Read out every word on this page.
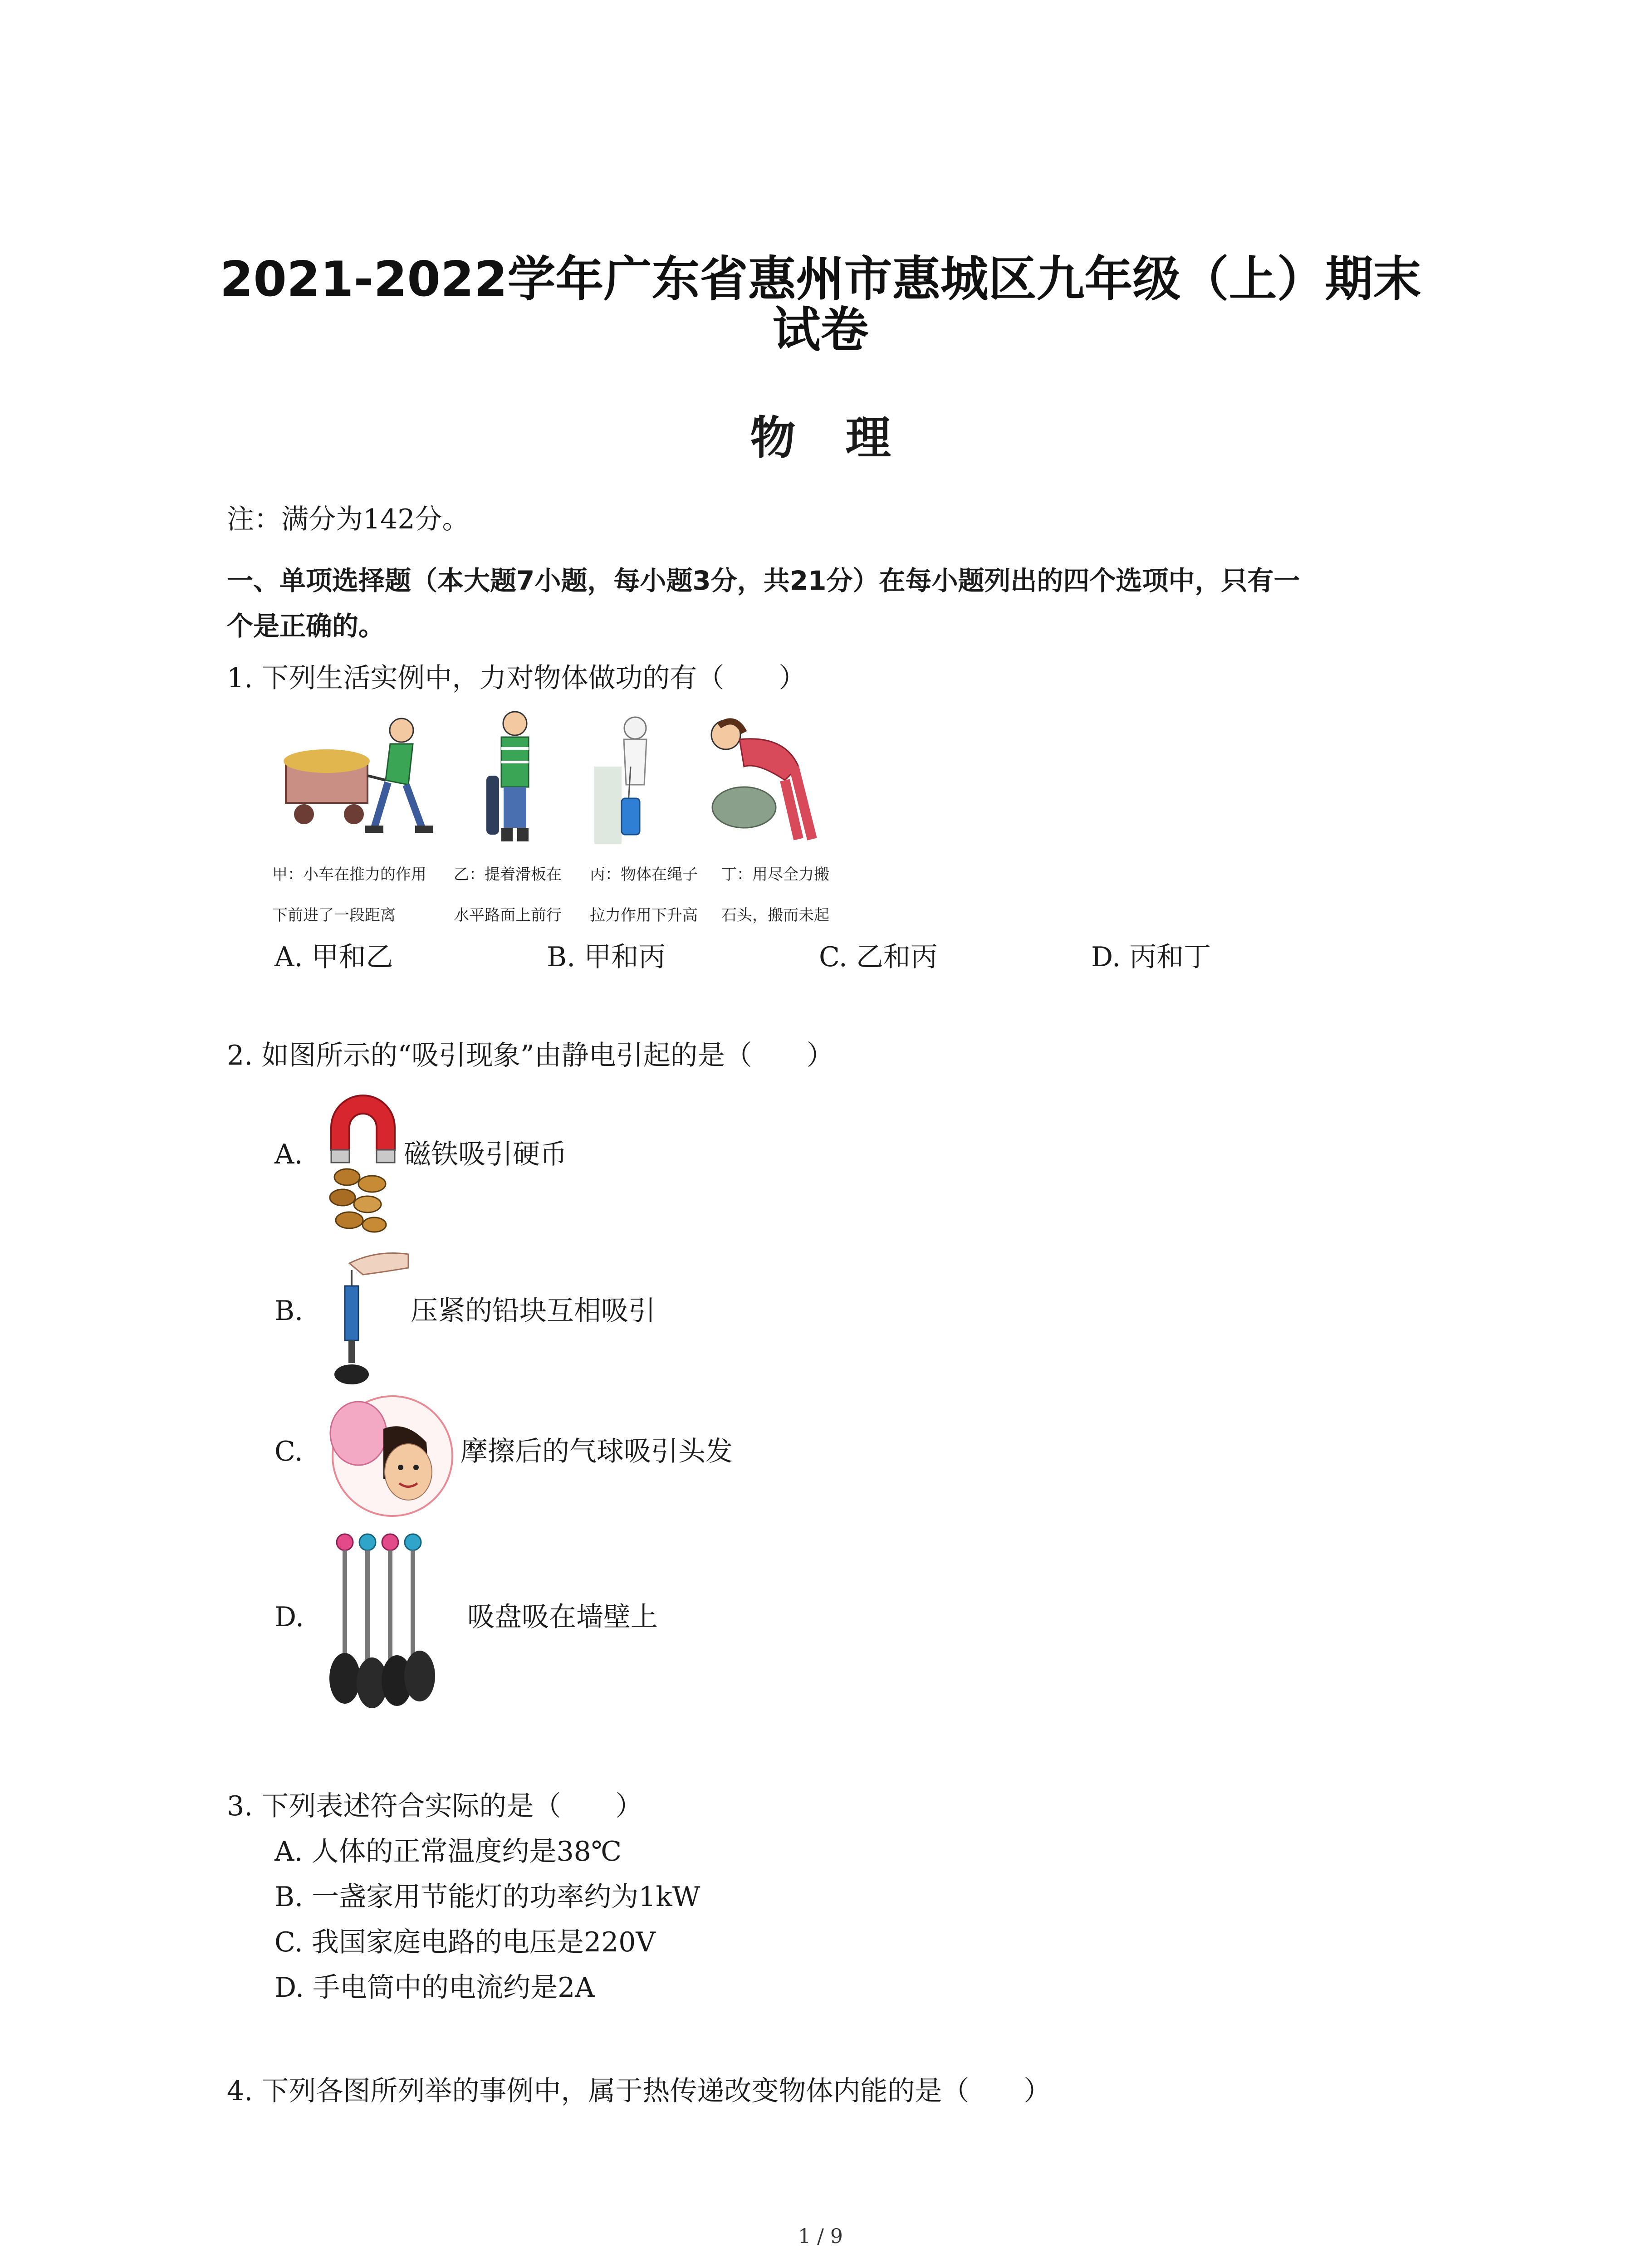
2021-2022学年广东省惠州市惠城区九年级（上）期末
试卷
物理
注：满分为142分。
一、单项选择题（本大题7小题，每小题3分，共21分）在每小题列出的四个选项中，只有一
个是正确的。
1. 下列生活实例中，力对物体做功的有（　　）
甲：小车在推力的作用
下前进了一段距离
乙：提着滑板在
水平路面上前行
丙：物体在绳子
拉力作用下升高
丁：用尽全力搬
石头，搬而未起
A. 甲和乙	B. 甲和丙	C. 乙和丙	D. 丙和丁
2. 如图所示的“吸引现象”由静电引起的是（　　）
A.	磁铁吸引硬币
B.	压紧的铅块互相吸引
C.	摩擦后的气球吸引头发
D.	吸盘吸在墙壁上
3. 下列表述符合实际的是（　　）
A. 人体的正常温度约是38℃
B. 一盏家用节能灯的功率约为1kW
C. 我国家庭电路的电压是220V
D. 手电筒中的电流约是2A
4. 下列各图所列举的事例中，属于热传递改变物体内能的是（　　）
1 / 9
